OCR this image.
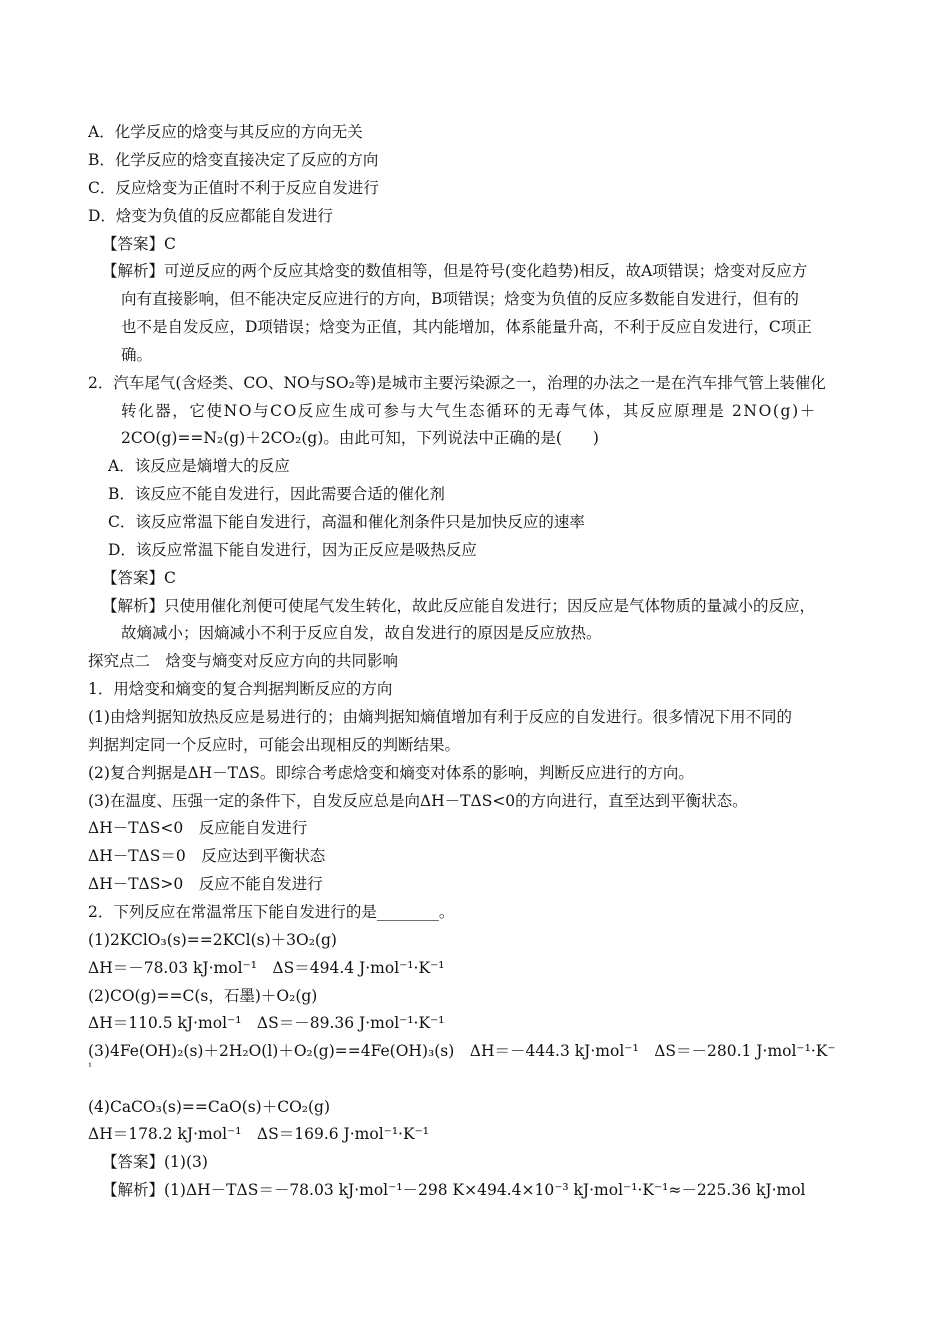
A．化学反应的焓变与其反应的方向无关
B．化学反应的焓变直接决定了反应的方向
C．反应焓变为正值时不利于反应自发进行
D．焓变为负值的反应都能自发进行
【答案】C
【解析】可逆反应的两个反应其焓变的数值相等，但是符号(变化趋势)相反，故A项错误；焓变对反应方
向有直接影响，但不能决定反应进行的方向，B项错误；焓变为负值的反应多数能自发进行，但有的
也不是自发反应，D项错误；焓变为正值，其内能增加，体系能量升高，不利于反应自发进行，C项正
确。
2．汽车尾气(含烃类、CO、NO与SO₂等)是城市主要污染源之一，治理的办法之一是在汽车排气管上装催化
转化器，它使NO与CO反应生成可参与大气生态循环的无毒气体，其反应原理是 2NO(g)＋
2CO(g)==N₂(g)＋2CO₂(g)。由此可知，下列说法中正确的是(　　)
A．该反应是熵增大的反应
B．该反应不能自发进行，因此需要合适的催化剂
C．该反应常温下能自发进行，高温和催化剂条件只是加快反应的速率
D．该反应常温下能自发进行，因为正反应是吸热反应
【答案】C
【解析】只使用催化剂便可使尾气发生转化，故此反应能自发进行；因反应是气体物质的量减小的反应，
故熵减小；因熵减小不利于反应自发，故自发进行的原因是反应放热。
探究点二　焓变与熵变对反应方向的共同影响
1．用焓变和熵变的复合判据判断反应的方向
(1)由焓判据知放热反应是易进行的；由熵判据知熵值增加有利于反应的自发进行。很多情况下用不同的
判据判定同一个反应时，可能会出现相反的判断结果。
(2)复合判据是ΔH－TΔS。即综合考虑焓变和熵变对体系的影响，判断反应进行的方向。
(3)在温度、压强一定的条件下，自发反应总是向ΔH－TΔS<0的方向进行，直至达到平衡状态。
ΔH－TΔS<0　反应能自发进行
ΔH－TΔS＝0　反应达到平衡状态
ΔH－TΔS>0　反应不能自发进行
2．下列反应在常温常压下能自发进行的是________。
(1)2KClO₃(s)==2KCl(s)＋3O₂(g)
ΔH＝－78.03 kJ·mol⁻¹　ΔS＝494.4 J·mol⁻¹·K⁻¹
(2)CO(g)==C(s，石墨)＋O₂(g)
ΔH＝110.5 kJ·mol⁻¹　ΔS＝－89.36 J·mol⁻¹·K⁻¹
(3)4Fe(OH)₂(s)＋2H₂O(l)＋O₂(g)==4Fe(OH)₃(s)　ΔH＝－444.3 kJ·mol⁻¹　ΔS＝－280.1 J·mol⁻¹·K⁻
¹
(4)CaCO₃(s)==CaO(s)＋CO₂(g)
ΔH＝178.2 kJ·mol⁻¹　ΔS＝169.6 J·mol⁻¹·K⁻¹
【答案】(1)(3)
【解析】(1)ΔH－TΔS＝－78.03 kJ·mol⁻¹－298 K×494.4×10⁻³ kJ·mol⁻¹·K⁻¹≈－225.36 kJ·mol
